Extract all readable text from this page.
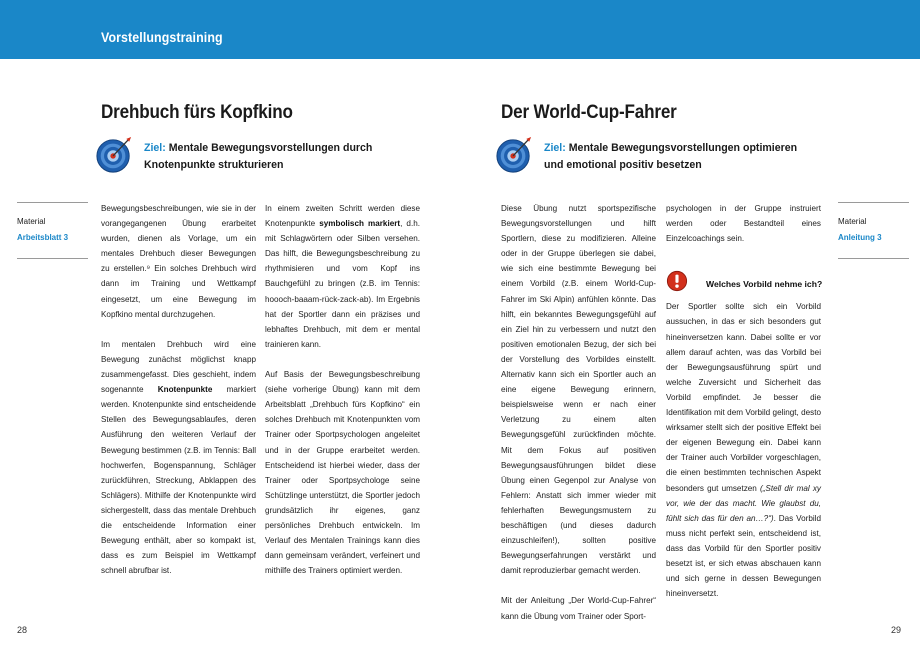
Vorstellungstraining
Drehbuch fürs Kopfkino
Ziel: Mentale Bewegungsvorstellungen durch
Knotenpunkte strukturieren
Material
Arbeitsblatt 3

Bewegungsbeschreibungen, wie sie in der vorangegangenen Übung erarbeitet wurden, dienen als Vorlage, um ein mentales Drehbuch dieser Bewegungen zu erstellen.⁹ Ein solches Drehbuch wird dann im Training und Wettkampf eingesetzt, um eine Bewegung im Kopfkino mental durchzugehen.

Im mentalen Drehbuch wird eine Bewegung zunächst möglichst knapp zusammengefasst. Dies geschieht, indem sogenannte Knotenpunkte markiert werden. Knotenpunkte sind entscheidende Stellen des Bewegungsablaufes, deren Ausführung den weiteren Verlauf der Bewegung bestimmen (z.B. im Tennis: Ball hochwerfen, Bogenspannung, Schläger zurückführen, Streckung, Abklappen des Schlägers). Mithilfe der Knotenpunkte wird sichergestellt, dass das mentale Drehbuch die entscheidende Information einer Bewegung enthält, aber so kompakt ist, dass es zum Beispiel im Wettkampf schnell abrufbar ist.

In einem zweiten Schritt werden diese Knotenpunkte symbolisch markiert, d.h. mit Schlagwörtern oder Silben versehen. Das hilft, die Bewegungsbeschreibung zu rhythmisieren und vom Kopf ins Bauchgefühl zu bringen (z.B. im Tennis: hoooch-baaam-rück-zack-ab). Im Ergebnis hat der Sportler dann ein präzises und lebhaftes Drehbuch, mit dem er mental trainieren kann.

Auf Basis der Bewegungsbeschreibung (siehe vorherige Übung) kann mit dem Arbeitsblatt „Drehbuch fürs Kopfkino“ ein solches Drehbuch mit Knotenpunkten vom Trainer oder Sportpsychologen angeleitet und in der Gruppe erarbeitet werden. Entscheidend ist hierbei wieder, dass der Trainer oder Sportpsychologe seine Schützlinge unterstützt, die Sportler jedoch grundsätzlich ihr eigenes, ganz persönliches Drehbuch entwickeln. Im Verlauf des Mentalen Trainings kann dies dann gemeinsam verändert, verfeinert und mithilfe des Trainers optimiert werden.

28
Der World-Cup-Fahrer
Ziel: Mentale Bewegungsvorstellungen optimieren
und emotional positiv besetzen

Diese Übung nutzt sportspezifische Bewegungsvorstellungen und hilft Sportlern, diese zu modifizieren. Alleine oder in der Gruppe überlegen sie dabei, wie sich eine bestimmte Bewegung bei einem Vorbild (z.B. einem World-Cup-Fahrer im Ski Alpin) anfühlen könnte. Das hilft, ein bekanntes Bewegungsgefühl auf ein Ziel hin zu verbessern und nutzt den positiven emotionalen Bezug, der sich bei der Vorstellung des Vorbildes einstellt. Alternativ kann sich ein Sportler auch an eine eigene Bewegung erinnern, beispielsweise wenn er nach einer Verletzung zu einem alten Bewegungsgefühl zurückfinden möchte. Mit dem Fokus auf positiven Bewegungsausführungen bildet diese Übung einen Gegenpol zur Analyse von Fehlern: Anstatt sich immer wieder mit fehlerhaften Bewegungsmustern zu beschäftigen (und dieses dadurch einzuschleifen!), sollten positive Bewegungserfahrungen verstärkt und damit reproduzierbar gemacht werden.

Mit der Anleitung „Der World-Cup-Fahrer“ kann die Übung vom Trainer oder Sport-

psychologen in der Gruppe instruiert werden oder Bestandteil eines Einzelcoachings sein.

Der Sportler sollte sich ein Vorbild aussuchen, in das er sich besonders gut hineinversetzen kann. Dabei sollte er vor allem darauf achten, was das Vorbild bei der Bewegungsausführung spürt und welche Zuversicht und Sicherheit das Vorbild empfindet. Je besser die Identifikation mit dem Vorbild gelingt, desto wirksamer stellt sich der positive Effekt bei der eigenen Bewegung ein. Dabei kann der Trainer auch Vorbilder vorgeschlagen, die einen bestimmten technischen Aspekt besonders gut umsetzen („Stell dir mal xy vor, wie der das macht. Wie glaubst du, fühlt sich das für den an…?“). Das Vorbild muss nicht perfekt sein, entscheidend ist, dass das Vorbild für den Sportler positiv besetzt ist, er sich etwas abschauen kann und sich gerne in dessen Bewegungen hineinversetzt.

Welches Vorbild nehme ich?
Material
Anleitung 3
29
